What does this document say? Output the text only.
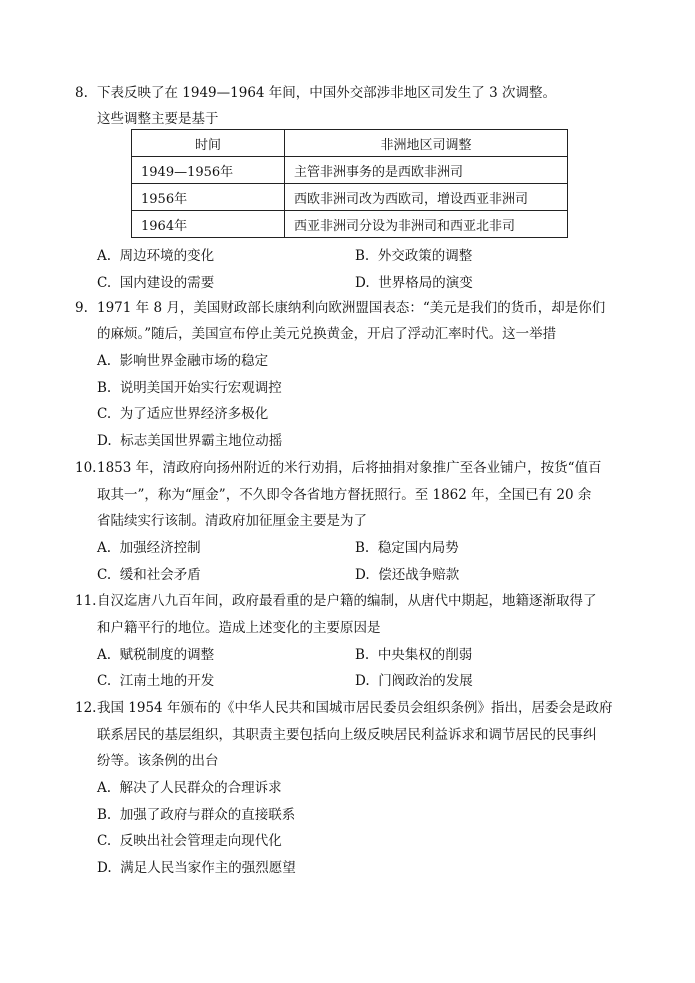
8. 下表反映了在 1949—1964 年间，中国外交部涉非地区司发生了 3 次调整。
这些调整主要是基于
时间	非洲地区司调整
1949—1956年	主管非洲事务的是西欧非洲司
1956年	西欧非洲司改为西欧司，增设西亚非洲司
1964年	西亚非洲司分设为非洲司和西亚北非司
A. 周边环境的变化	B. 外交政策的调整
C. 国内建设的需要	D. 世界格局的演变
9. 1971 年 8 月，美国财政部长康纳利向欧洲盟国表态：“美元是我们的货币，却是你们
的麻烦。”随后，美国宣布停止美元兑换黄金，开启了浮动汇率时代。这一举措
A. 影响世界金融市场的稳定
B. 说明美国开始实行宏观调控
C. 为了适应世界经济多极化
D. 标志美国世界霸主地位动摇
10. 1853 年，清政府向扬州附近的米行劝捐，后将抽捐对象推广至各业铺户，按货“值百
取其一”，称为“厘金”，不久即令各省地方督抚照行。至 1862 年，全国已有 20 余
省陆续实行该制。清政府加征厘金主要是为了
A. 加强经济控制	B. 稳定国内局势
C. 缓和社会矛盾	D. 偿还战争赔款
11. 自汉迄唐八九百年间，政府最看重的是户籍的编制，从唐代中期起，地籍逐渐取得了
和户籍平行的地位。造成上述变化的主要原因是
A. 赋税制度的调整	B. 中央集权的削弱
C. 江南土地的开发	D. 门阀政治的发展
12. 我国 1954 年颁布的《中华人民共和国城市居民委员会组织条例》指出，居委会是政府
联系居民的基层组织，其职责主要包括向上级反映居民利益诉求和调节居民的民事纠
纷等。该条例的出台
A. 解决了人民群众的合理诉求
B. 加强了政府与群众的直接联系
C. 反映出社会管理走向现代化
D. 满足人民当家作主的强烈愿望
